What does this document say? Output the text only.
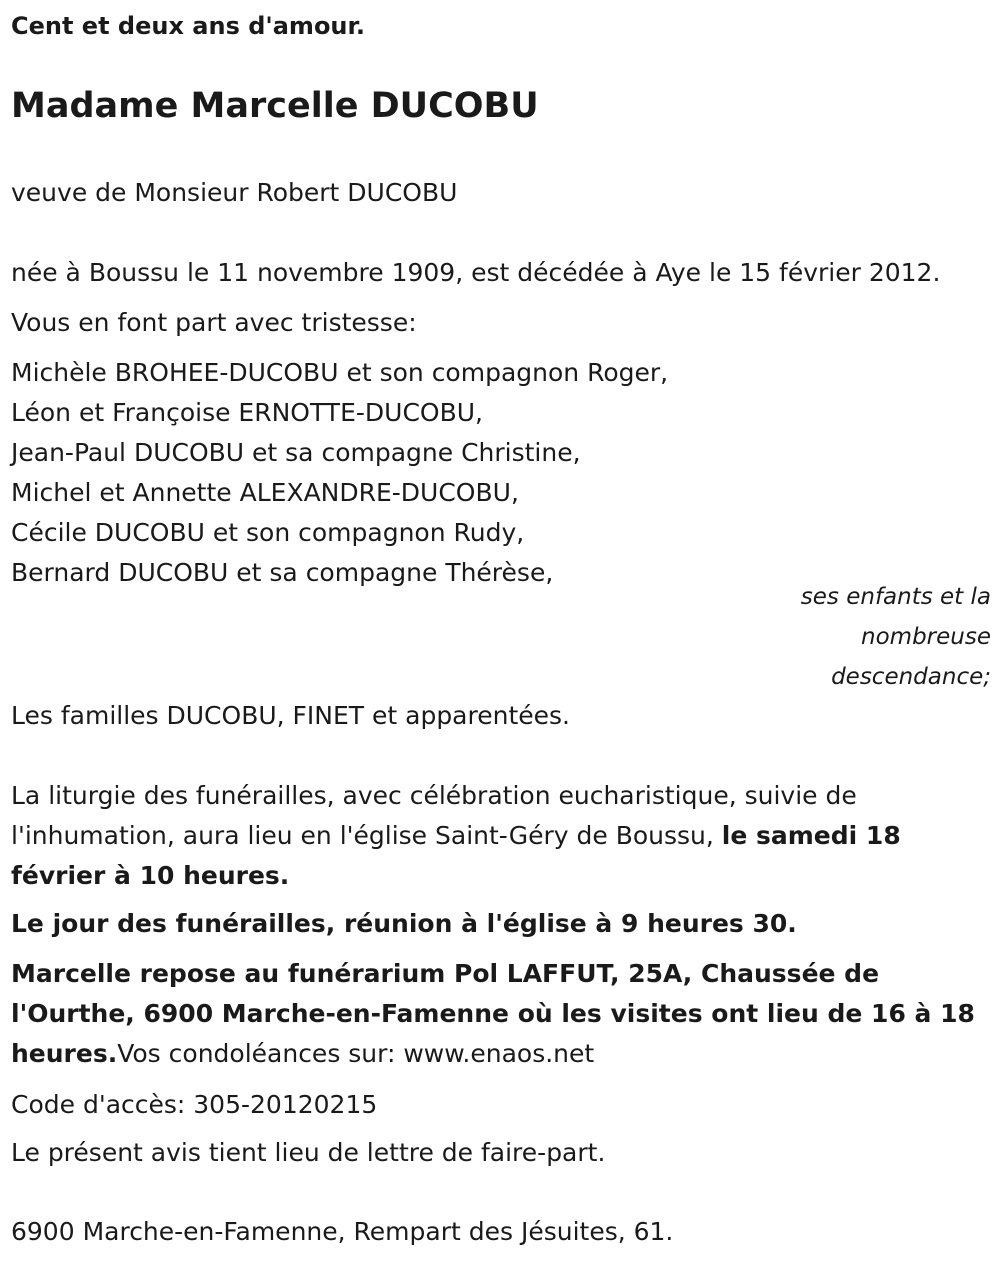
Cent et deux ans d'amour.
Madame Marcelle DUCOBU
veuve de Monsieur Robert DUCOBU
née à Boussu le 11 novembre 1909, est décédée à Aye le 15 février 2012.
Vous en font part avec tristesse:
Michèle BROHEE-DUCOBU et son compagnon Roger,
Léon et Françoise ERNOTTE-DUCOBU,
Jean-Paul DUCOBU et sa compagne Christine,
Michel et Annette ALEXANDRE-DUCOBU,
Cécile DUCOBU et son compagnon Rudy,
Bernard DUCOBU et sa compagne Thérèse,
ses enfants et la nombreuse descendance;
Les familles DUCOBU, FINET et apparentées.
La liturgie des funérailles, avec célébration eucharistique, suivie de l'inhumation, aura lieu en l'église Saint-Géry de Boussu, le samedi 18 février à 10 heures.
Le jour des funérailles, réunion à l'église à 9 heures 30.
Marcelle repose au funérarium Pol LAFFUT, 25A, Chaussée de l'Ourthe, 6900 Marche-en-Famenne où les visites ont lieu de 16 à 18 heures.Vos condoléances sur: www.enaos.net
Code d'accès: 305-20120215
Le présent avis tient lieu de lettre de faire-part.
6900 Marche-en-Famenne, Rempart des Jésuites, 61.
